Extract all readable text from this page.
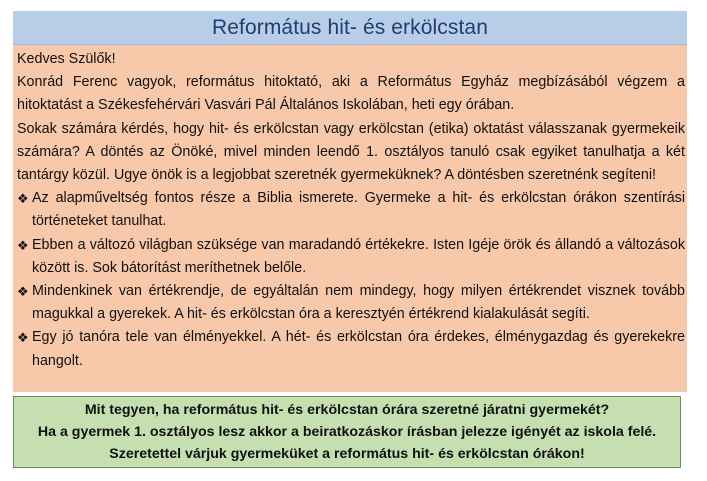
Református hit- és erkölcstan

Kedves Szülők!

Konrád Ferenc vagyok, református hitoktató, aki a Református Egyház megbízásából végzem a hitoktatást a Székesfehérvári Vasvári Pál Általános Iskolában, heti egy órában.

Sokak számára kérdés, hogy hit- és erkölcstan vagy erkölcstan (etika) oktatást válasszanak gyermekeik számára? A döntés az Önöké, mivel minden leendő 1. osztályos tanuló csak egyiket tanulhatja a két tantárgy közül. Ugye önök is a legjobbat szeretnék gyermeküknek? A döntésben szeretnénk segíteni!

❖ Az alapműveltség fontos része a Biblia ismerete. Gyermeke a hit- és erkölcstan órákon szentírási történeteket tanulhat.
❖ Ebben a változó világban szüksége van maradandó értékekre. Isten Igéje örök és állandó a változások között is. Sok bátorítást meríthetnek belőle.
❖ Mindenkinek van értékrendje, de egyáltalán nem mindegy, hogy milyen értékrendet visznek tovább magukkal a gyerekek. A hit- és erkölcstan óra a keresztyén értékrend kialakulását segíti.
❖ Egy jó tanóra tele van élményekkel. A hét- és erkölcstan óra érdekes, élménygazdag és gyerekekre hangolt.
Mit tegyen, ha református hit- és erkölcstan órára szeretné járatni gyermekét?
Ha a gyermek 1. osztályos lesz akkor a beiratkozáskor írásban jelezze igényét az iskola felé.
Szeretettel várjuk gyermeküket a református hit- és erkölcstan órákon!
